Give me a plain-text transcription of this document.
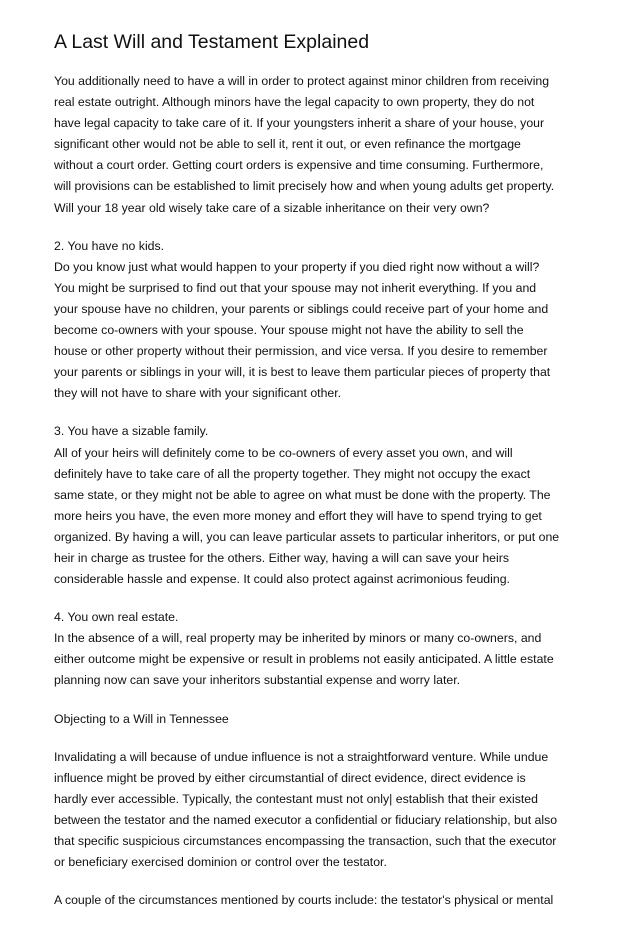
A Last Will and Testament Explained
You additionally need to have a will in order to protect against minor children from receiving
real estate outright. Although minors have the legal capacity to own property, they do not
have legal capacity to take care of it. If your youngsters inherit a share of your house, your
significant other would not be able to sell it, rent it out, or even refinance the mortgage
without a court order. Getting court orders is expensive and time consuming. Furthermore,
will provisions can be established to limit precisely how and when young adults get property.
Will your 18 year old wisely take care of a sizable inheritance on their very own?
2. You have no kids.
Do you know just what would happen to your property if you died right now without a will?
You might be surprised to find out that your spouse may not inherit everything. If you and
your spouse have no children, your parents or siblings could receive part of your home and
become co-owners with your spouse. Your spouse might not have the ability to sell the
house or other property without their permission, and vice versa. If you desire to remember
your parents or siblings in your will, it is best to leave them particular pieces of property that
they will not have to share with your significant other.
3. You have a sizable family.
All of your heirs will definitely come to be co-owners of every asset you own, and will
definitely have to take care of all the property together. They might not occupy the exact
same state, or they might not be able to agree on what must be done with the property. The
more heirs you have, the even more money and effort they will have to spend trying to get
organized. By having a will, you can leave particular assets to particular inheritors, or put one
heir in charge as trustee for the others. Either way, having a will can save your heirs
considerable hassle and expense. It could also protect against acrimonious feuding.
4. You own real estate.
In the absence of a will, real property may be inherited by minors or many co-owners, and
either outcome might be expensive or result in problems not easily anticipated. A little estate
planning now can save your inheritors substantial expense and worry later.
Objecting to a Will in Tennessee
Invalidating a will because of undue influence is not a straightforward venture. While undue
influence might be proved by either circumstantial of direct evidence, direct evidence is
hardly ever accessible. Typically, the contestant must not only| establish that their existed
between the testator and the named executor a confidential or fiduciary relationship, but also
that specific suspicious circumstances encompassing the transaction, such that the executor
or beneficiary exercised dominion or control over the testator.
A couple of the circumstances mentioned by courts include: the testator's physical or mental
